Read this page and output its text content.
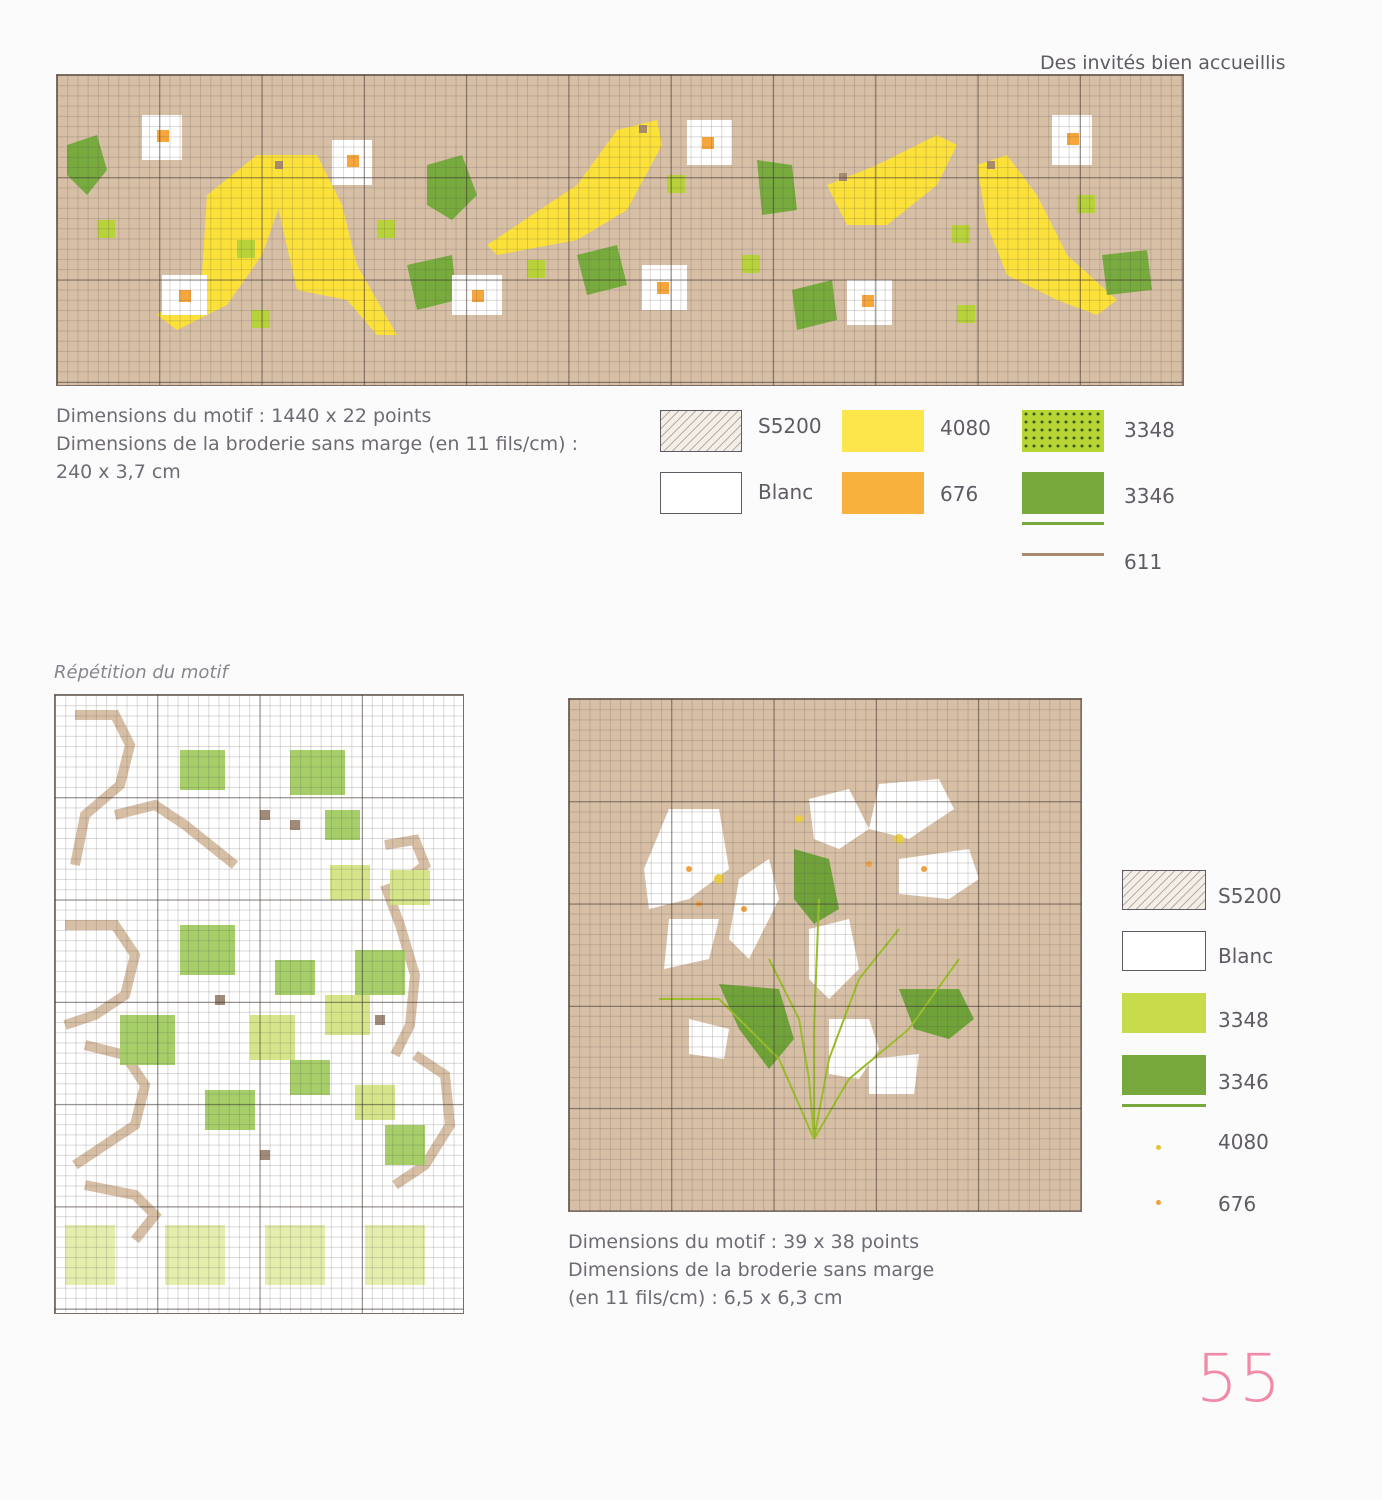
Des invités bien accueillis
Dimensions du motif : 1440 x 22 points
Dimensions de la broderie sans marge (en 11 fils/cm) :
240 x 3,7 cm
S5200
Blanc
4080
676
3348
3346
611
Répétition du motif
S5200
Blanc
3348
3346
4080
676
Dimensions du motif : 39 x 38 points
Dimensions de la broderie sans marge
(en 11 fils/cm) : 6,5 x 6,3 cm
55
